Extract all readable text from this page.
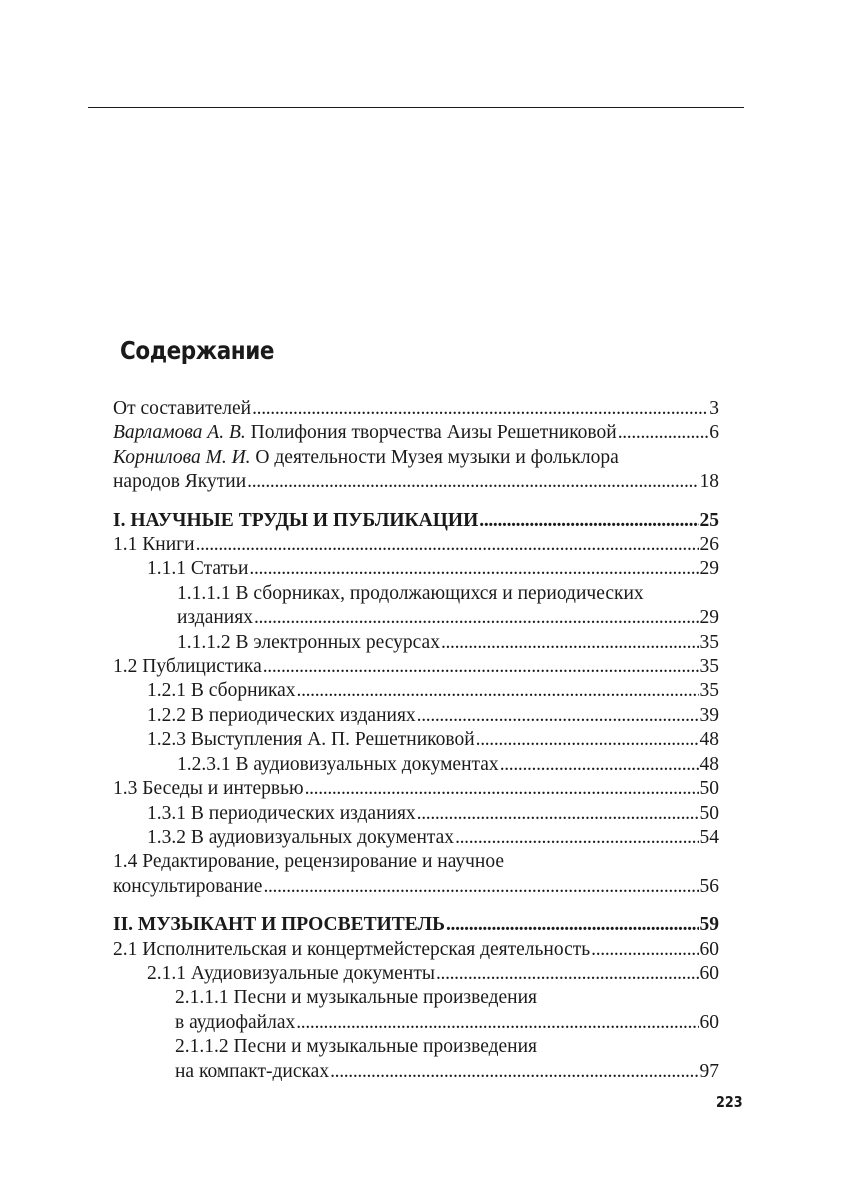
Содержание
От составителей . . .	3
Варламова А. В.
Полифония творчества Аизы Решетниковой . . .	6
Корнилова М. И. О деятельности Музея музыки и фольклора
народов Якутии . . .	18
I. НАУЧНЫЕ ТРУДЫ И ПУБЛИКАЦИИ . . .	25
1.1 Книги . . .	26
1.1.1 Статьи . . .	29
1.1.1.1 В сборниках, продолжающихся и периодических
изданиях . . .	29
1.1.1.2 В электронных ресурсах . . .	35
1.2 Публицистика . . .	35
1.2.1 В сборниках . . .	35
1.2.2 В периодических изданиях . . .	39
1.2.3 Выступления А. П. Решетниковой . . .	48
1.2.3.1 В аудиовизуальных документах . . .	48
1.3 Беседы и интервью . . .	50
1.3.1 В периодических изданиях . . .	50
1.3.2 В аудиовизуальных документах . . .	54
1.4 Редактирование, рецензирование и научное
консультирование . . .	56
II. МУЗЫКАНТ И ПРОСВЕТИТЕЛЬ . . .	59
2.1 Исполнительская и концертмейстерская деятельность . . .	60
2.1.1 Аудиовизуальные документы . . .	60
2.1.1.1 Песни и музыкальные произведения
в аудиофайлах . . .	60
2.1.1.2 Песни и музыкальные произведения
на компакт-дисках . . .	97
223
